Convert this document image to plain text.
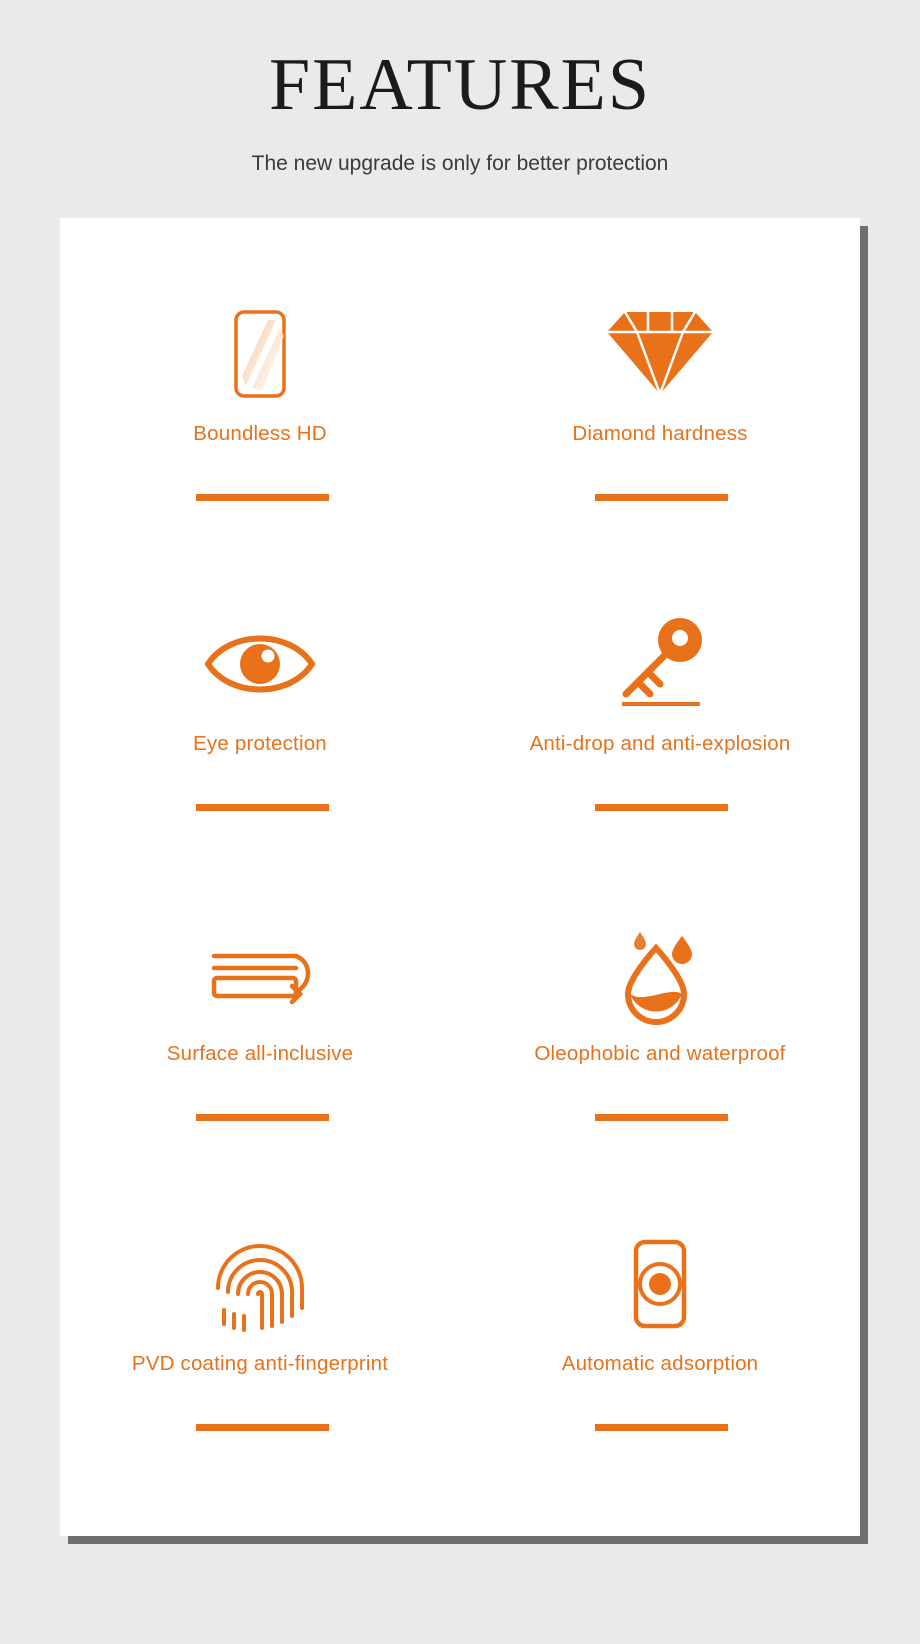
FEATURES
The new upgrade is only for better protection
Boundless HD	Diamond hardness
Eye protection	Anti-drop and anti-explosion
Surface all-inclusive	Oleophobic and waterproof
PVD coating anti-fingerprint	Automatic adsorption
